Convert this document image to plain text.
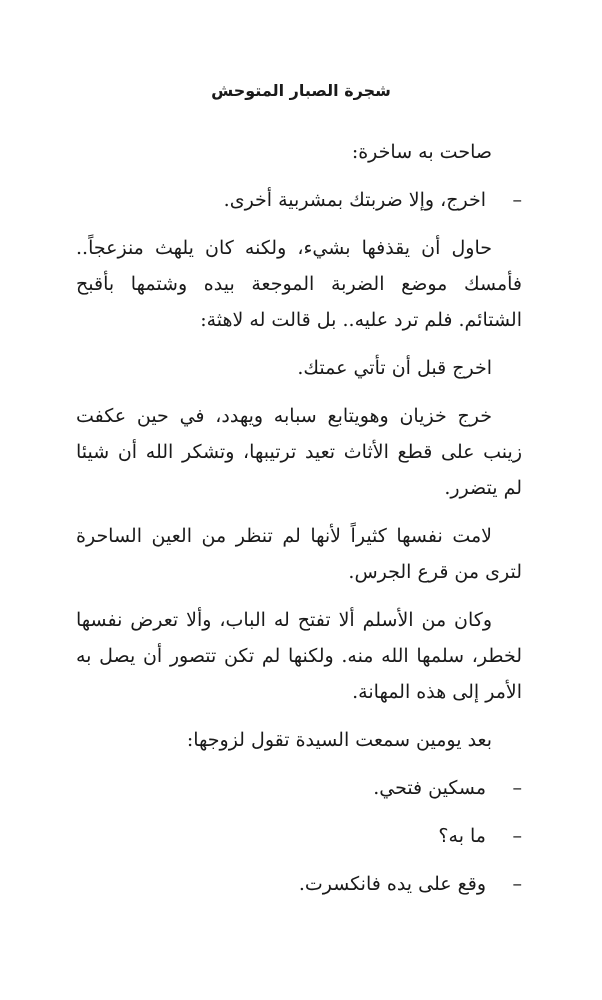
شجرة الصبار المتوحش

صاحت به ساخرة:

–
اخرج، وإلا ضربتك بمشربية أخرى.

حاول أن يقذفها بشيء، ولكنه كان يلهث منزعجاً.. فأمسك موضع الضربة الموجعة بيده وشتمها بأقبح الشتائم. فلم ترد عليه.. بل قالت له لاهثة:

اخرج قبل أن تأتي عمتك.

خرج خزيان وهويتابع سبابه ويهدد، في حين عكفت زينب على قطع الأثاث تعيد ترتيبها، وتشكر الله أن شيئا لم يتضرر.

لامت نفسها كثيراً لأنها لم تنظر من العين الساحرة لترى من قرع الجرس.

وكان من الأسلم ألا تفتح له الباب، وألا تعرض نفسها لخطر، سلمها الله منه. ولكنها لم تكن تتصور أن يصل به الأمر إلى هذه المهانة.

بعد يومين سمعت السيدة تقول لزوجها:

–
مسكين فتحي.
–
ما به؟
–
وقع على يده فانكسرت.
